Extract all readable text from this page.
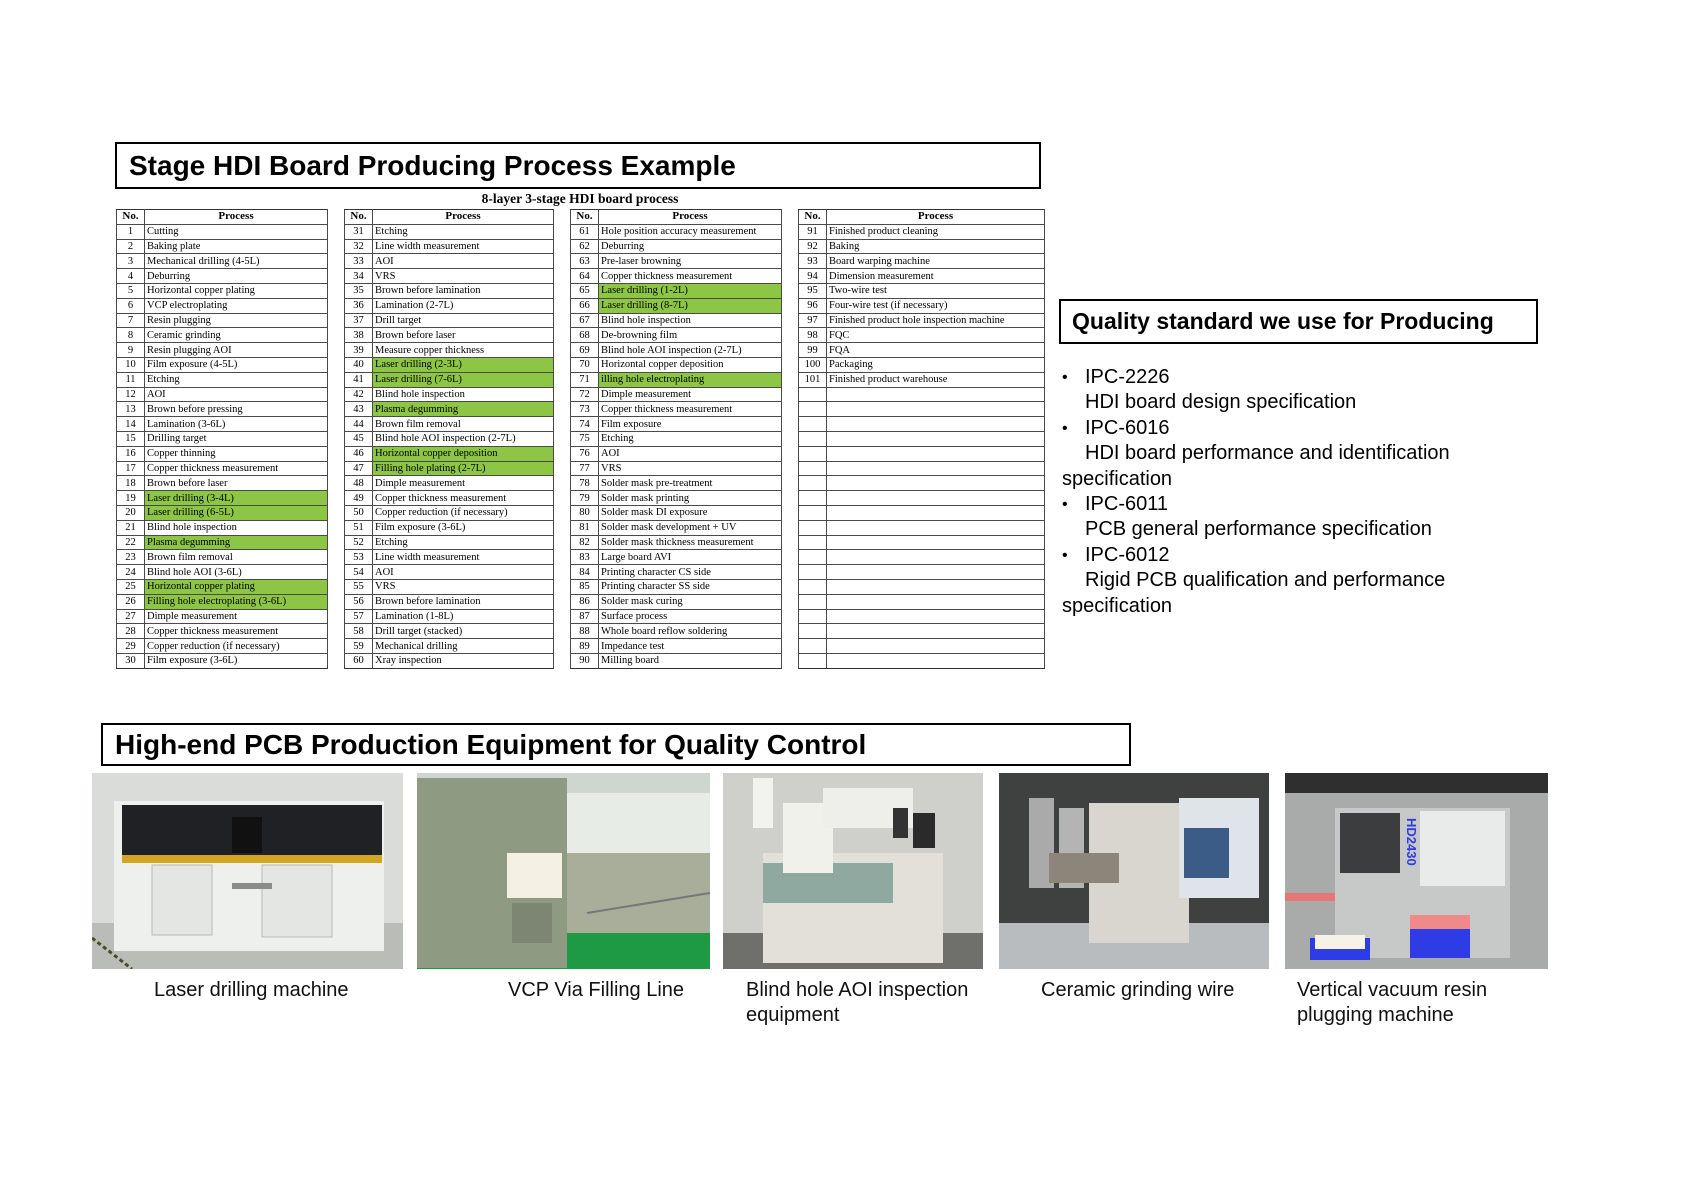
Stage HDI Board Producing Process Example
8-layer 3-stage HDI board process
No.	Process
1	Cutting
2	Baking plate
3	Mechanical drilling (4-5L)
4	Deburring
5	Horizontal copper plating
6	VCP electroplating
7	Resin plugging
8	Ceramic grinding
9	Resin plugging AOI
10	Film exposure (4-5L)
11	Etching
12	AOI
13	Brown before pressing
14	Lamination (3-6L)
15	Drilling target
16	Copper thinning
17	Copper thickness measurement
18	Brown before laser
19	Laser drilling (3-4L)
20	Laser drilling (6-5L)
21	Blind hole inspection
22	Plasma degumming
23	Brown film removal
24	Blind hole AOI (3-6L)
25	Horizontal copper plating
26	Filling hole electroplating (3-6L)
27	Dimple measurement
28	Copper thickness measurement
29	Copper reduction (if necessary)
30	Film exposure (3-6L)
No.	Process
31	Etching
32	Line width measurement
33	AOI
34	VRS
35	Brown before lamination
36	Lamination (2-7L)
37	Drill target
38	Brown before laser
39	Measure copper thickness
40	Laser drilling (2-3L)
41	Laser drilling (7-6L)
42	Blind hole inspection
43	Plasma degumming
44	Brown film removal
45	Blind hole AOI inspection (2-7L)
46	Horizontal copper deposition
47	Filling hole plating (2-7L)
48	Dimple measurement
49	Copper thickness measurement
50	Copper reduction (if necessary)
51	Film exposure (3-6L)
52	Etching
53	Line width measurement
54	AOI
55	VRS
56	Brown before lamination
57	Lamination (1-8L)
58	Drill target (stacked)
59	Mechanical drilling
60	Xray inspection
No.	Process
61	Hole position accuracy measurement
62	Deburring
63	Pre-laser browning
64	Copper thickness measurement
65	Laser drilling (1-2L)
66	Laser drilling (8-7L)
67	Blind hole inspection
68	De-browning film
69	Blind hole AOI inspection (2-7L)
70	Horizontal copper deposition
71	illing hole electroplating
72	Dimple measurement
73	Copper thickness measurement
74	Film exposure
75	Etching
76	AOI
77	VRS
78	Solder mask pre-treatment
79	Solder mask printing
80	Solder mask DI exposure
81	Solder mask development + UV
82	Solder mask thickness measurement
83	Large board AVI
84	Printing character CS side
85	Printing character SS side
86	Solder mask curing
87	Surface process
88	Whole board reflow soldering
89	Impedance test
90	Milling board
No.	Process
91	Finished product cleaning
92	Baking
93	Board warping machine
94	Dimension measurement
95	Two-wire test
96	Four-wire test (if necessary)
97	Finished product hole inspection machine
98	FQC
99	FQA
100	Packaging
101	Finished product warehouse

Quality standard we use for Producing
• IPC-2226
HDI board design specification
• IPC-6016
HDI board performance and identification specification
• IPC-6011
PCB general performance specification
• IPC-6012
Rigid PCB qualification and performance specification
High-end PCB Production Equipment for Quality Control
HD2430
Laser drilling machine	VCP Via Filling Line	Blind hole AOI inspection equipment
Ceramic grinding wire	Vertical vacuum resin plugging machine
